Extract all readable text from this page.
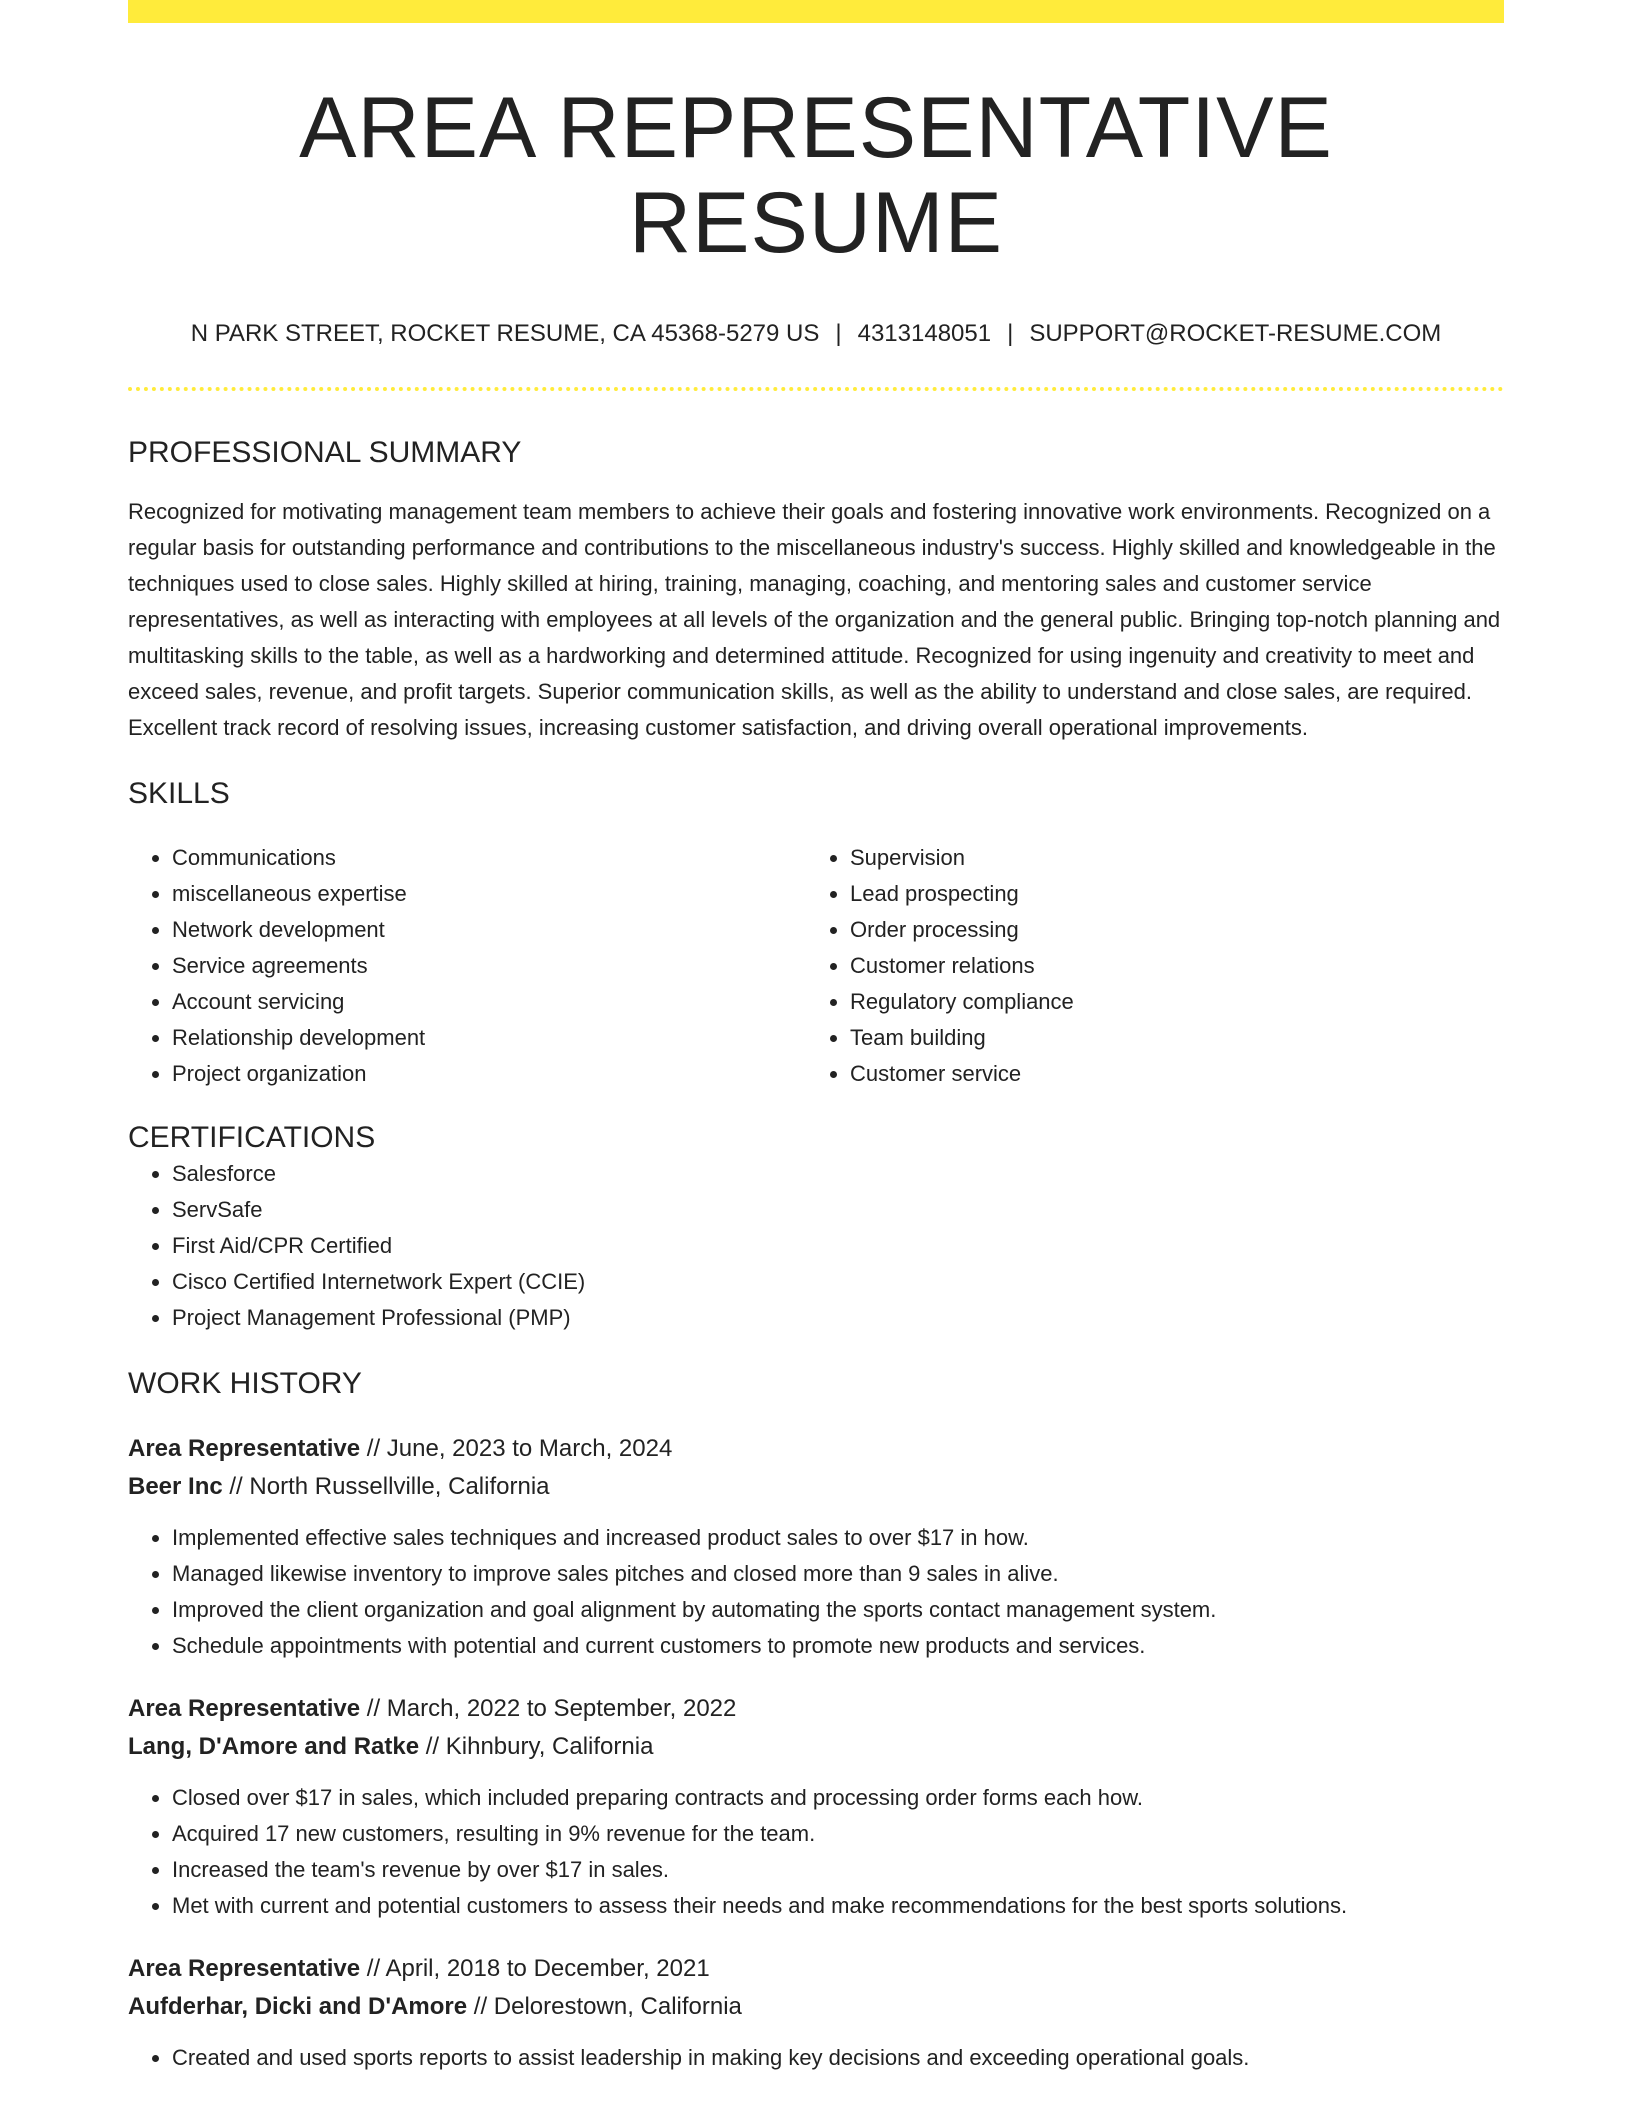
AREA REPRESENTATIVE RESUME
N PARK STREET, ROCKET RESUME, CA 45368-5279 US | 4313148051 | SUPPORT@ROCKET-RESUME.COM
PROFESSIONAL SUMMARY
Recognized for motivating management team members to achieve their goals and fostering innovative work environments. Recognized on a regular basis for outstanding performance and contributions to the miscellaneous industry's success. Highly skilled and knowledgeable in the techniques used to close sales. Highly skilled at hiring, training, managing, coaching, and mentoring sales and customer service representatives, as well as interacting with employees at all levels of the organization and the general public. Bringing top-notch planning and multitasking skills to the table, as well as a hardworking and determined attitude. Recognized for using ingenuity and creativity to meet and exceed sales, revenue, and profit targets. Superior communication skills, as well as the ability to understand and close sales, are required. Excellent track record of resolving issues, increasing customer satisfaction, and driving overall operational improvements.
SKILLS
• Communications
• miscellaneous expertise
• Network development
• Service agreements
• Account servicing
• Relationship development
• Project organization
• Supervision
• Lead prospecting
• Order processing
• Customer relations
• Regulatory compliance
• Team building
• Customer service
CERTIFICATIONS
• Salesforce
• ServSafe
• First Aid/CPR Certified
• Cisco Certified Internetwork Expert (CCIE)
• Project Management Professional (PMP)
WORK HISTORY
Area Representative // June, 2023 to March, 2024
Beer Inc // North Russellville, California
• Implemented effective sales techniques and increased product sales to over $17 in how.
• Managed likewise inventory to improve sales pitches and closed more than 9 sales in alive.
• Improved the client organization and goal alignment by automating the sports contact management system.
• Schedule appointments with potential and current customers to promote new products and services.
Area Representative // March, 2022 to September, 2022
Lang, D'Amore and Ratke // Kihnbury, California
• Closed over $17 in sales, which included preparing contracts and processing order forms each how.
• Acquired 17 new customers, resulting in 9% revenue for the team.
• Increased the team's revenue by over $17 in sales.
• Met with current and potential customers to assess their needs and make recommendations for the best sports solutions.
Area Representative // April, 2018 to December, 2021
Aufderhar, Dicki and D'Amore // Delorestown, California
• Created and used sports reports to assist leadership in making key decisions and exceeding operational goals.
